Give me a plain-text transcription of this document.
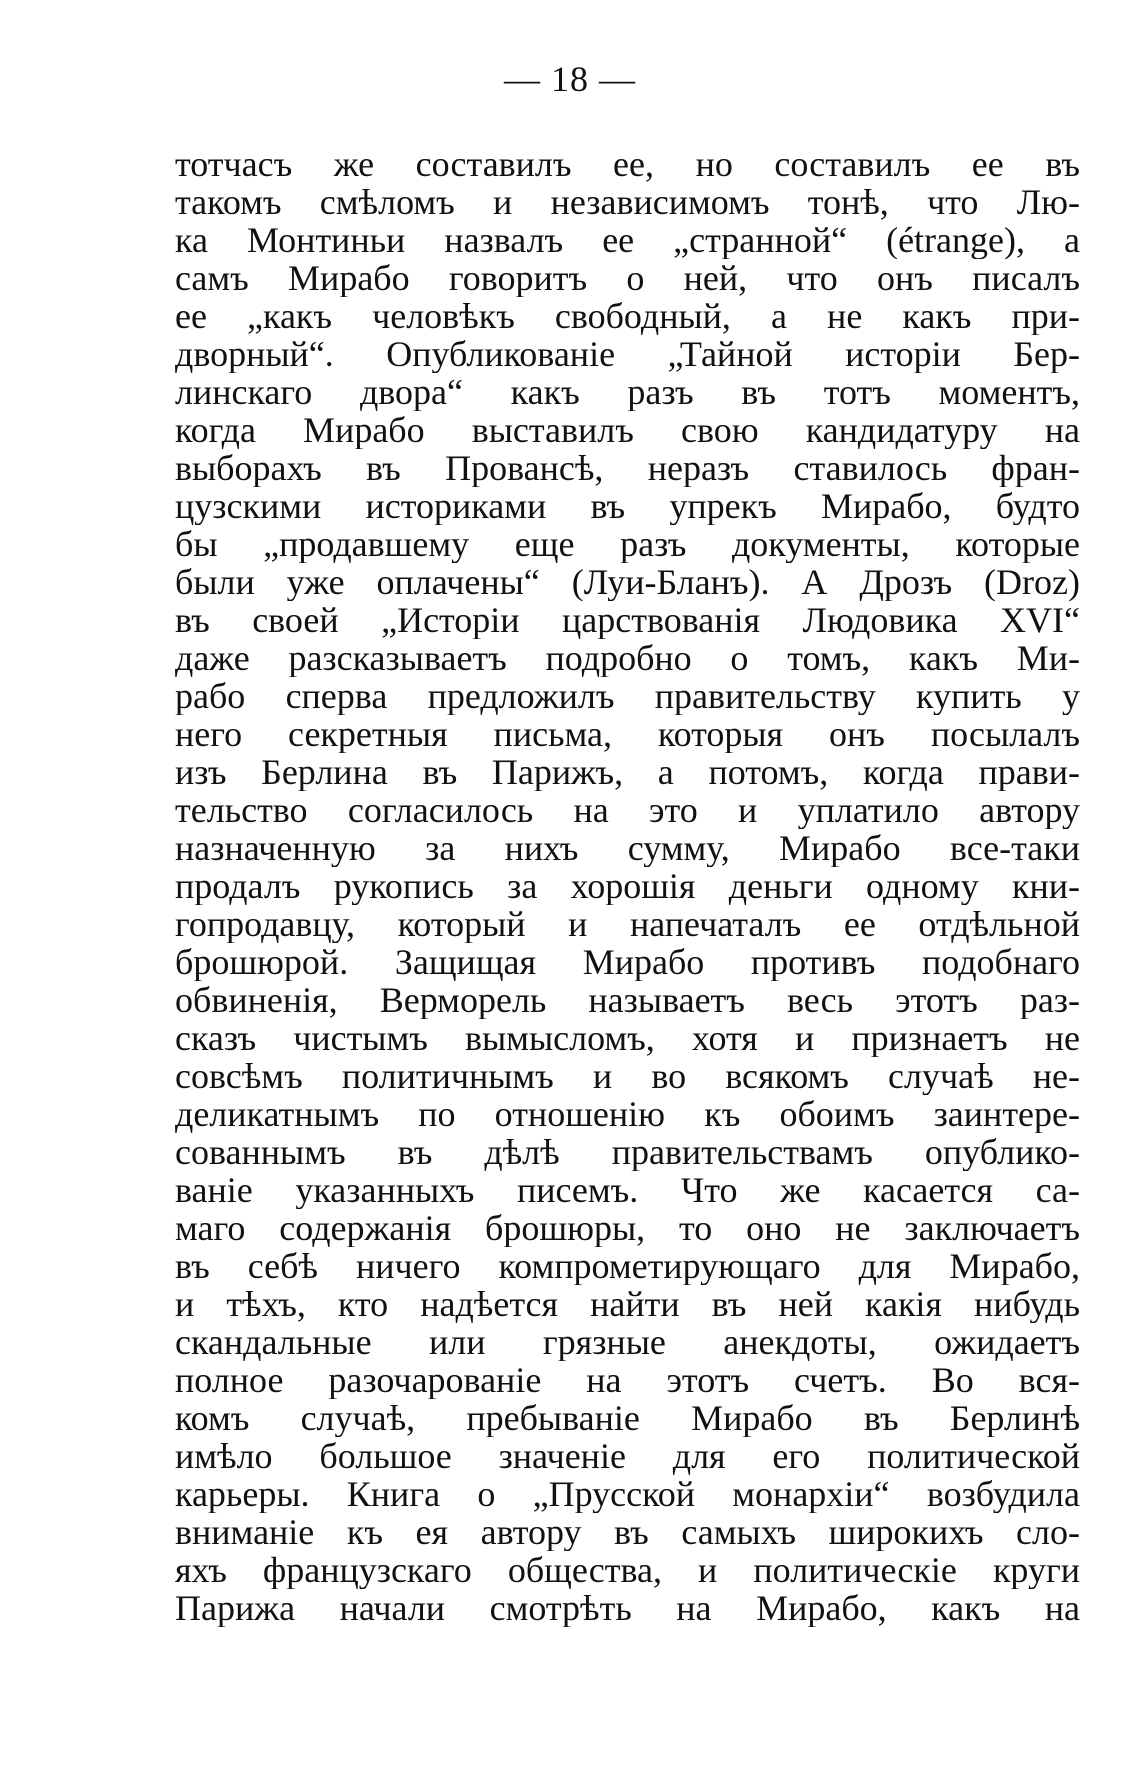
— 18 —
тотчасъ же составилъ ее, но составилъ ее въ
такомъ смѣломъ и независимомъ тонѣ, что Лю-
ка Монтиньи назвалъ ее „странной“ (étrange), а
самъ Мирабо говоритъ о ней, что онъ писалъ
ее „какъ человѣкъ свободный, а не какъ при-
дворный“. Опубликованіе „Тайной исторіи Бер-
линскаго двора“ какъ разъ въ тотъ моментъ,
когда Мирабо выставилъ свою кандидатуру на
выборахъ въ Провансѣ, неразъ ставилось фран-
цузскими историками въ упрекъ Мирабо, будто
бы „продавшему еще разъ документы, которые
были уже оплачены“ (Луи-Бланъ). А Дрозъ (Droz)
въ своей „Исторіи царствованія Людовика XVI“
даже разсказываетъ подробно о томъ, какъ Ми-
рабо сперва предложилъ правительству купить у
него секретныя письма, которыя онъ посылалъ
изъ Берлина въ Парижъ, а потомъ, когда прави-
тельство согласилось на это и уплатило автору
назначенную за нихъ сумму, Мирабо все-таки
продалъ рукопись за хорошія деньги одному кни-
гопродавцу, который и напечаталъ ее отдѣльной
брошюрой. Защищая Мирабо противъ подобнаго
обвиненія, Верморель называетъ весь этотъ раз-
сказъ чистымъ вымысломъ, хотя и признаетъ не
совсѣмъ политичнымъ и во всякомъ случаѣ не-
деликатнымъ по отношенію къ обоимъ заинтере-
сованнымъ въ дѣлѣ правительствамъ опублико-
ваніе указанныхъ писемъ. Что же касается са-
маго содержанія брошюры, то оно не заключаетъ
въ себѣ ничего компрометирующаго для Мирабо,
и тѣхъ, кто надѣется найти въ ней какія нибудь
скандальные или грязные анекдоты, ожидаетъ
полное разочарованіе на этотъ счетъ. Во вся-
комъ случаѣ, пребываніе Мирабо въ Берлинѣ
имѣло большое значеніе для его политической
карьеры. Книга о „Прусской монархіи“ возбудила
вниманіе къ ея автору въ самыхъ широкихъ сло-
яхъ французскаго общества, и политическіе круги
Парижа начали смотрѣть на Мирабо, какъ на
